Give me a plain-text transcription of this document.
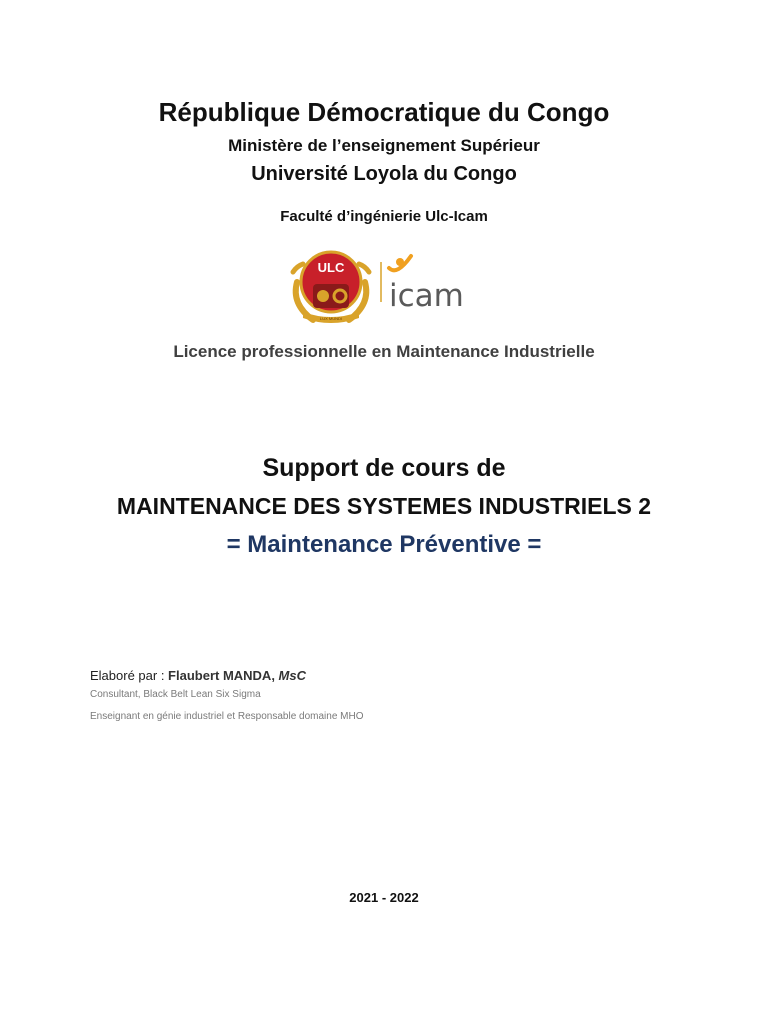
République Démocratique du Congo
Ministère de l’enseignement Supérieur
Université Loyola du Congo
Faculté d’ingénierie Ulc-Icam
ULC
LUX MUNDI
icam
Licence professionnelle en Maintenance Industrielle
Support de cours de
MAINTENANCE DES SYSTEMES INDUSTRIELS 2
= Maintenance Préventive =
Elaboré par : Flaubert MANDA, MsC
Consultant, Black Belt Lean Six Sigma
Enseignant en génie industriel et Responsable domaine MHO
2021 - 2022
